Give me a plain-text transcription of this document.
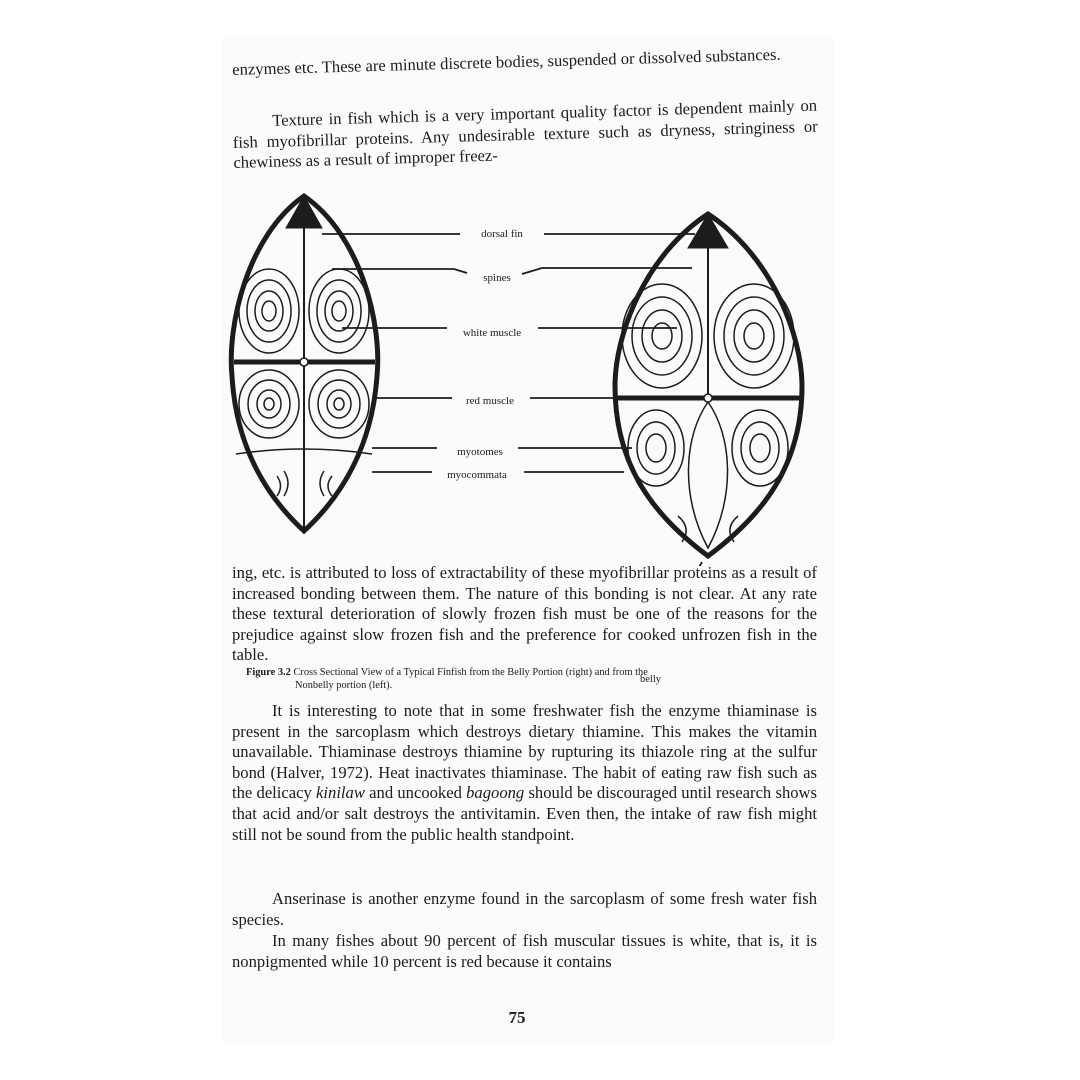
enzymes etc. These are minute discrete bodies, suspended or dissolved substances.

Texture in fish which is a very important quality factor is dependent mainly on fish myofibrillar proteins. Any undesirable texture such as dryness, stringiness or chewiness as a result of improper freez-

dorsal fin
spines
white muscle
red muscle
myotomes
myocommata
Figure 3.2 Cross Sectional View of a Typical Finfish from the Belly Portion (right) and from the Nonbelly portion (left).
belly

ing, etc. is attributed to loss of extractability of these myofibrillar proteins as a result of increased bonding between them. The nature of this bonding is not clear. At any rate these textural deterioration of slowly frozen fish must be one of the reasons for the prejudice against slow frozen fish and the preference for cooked unfrozen fish in the table.

It is interesting to note that in some freshwater fish the enzyme thiaminase is present in the sarcoplasm which destroys dietary thiamine. This makes the vitamin unavailable. Thiaminase destroys thiamine by rupturing its thiazole ring at the sulfur bond (Halver, 1972). Heat inactivates thiaminase. The habit of eating raw fish such as the delicacy kinilaw and uncooked bagoong should be discouraged until research shows that acid and/or salt destroys the antivitamin. Even then, the intake of raw fish might still not be sound from the public health standpoint.

Anserinase is another enzyme found in the sarcoplasm of some fresh water fish species.

In many fishes about 90 percent of fish muscular tissues is white, that is, it is nonpigmented while 10 percent is red because it contains

75
